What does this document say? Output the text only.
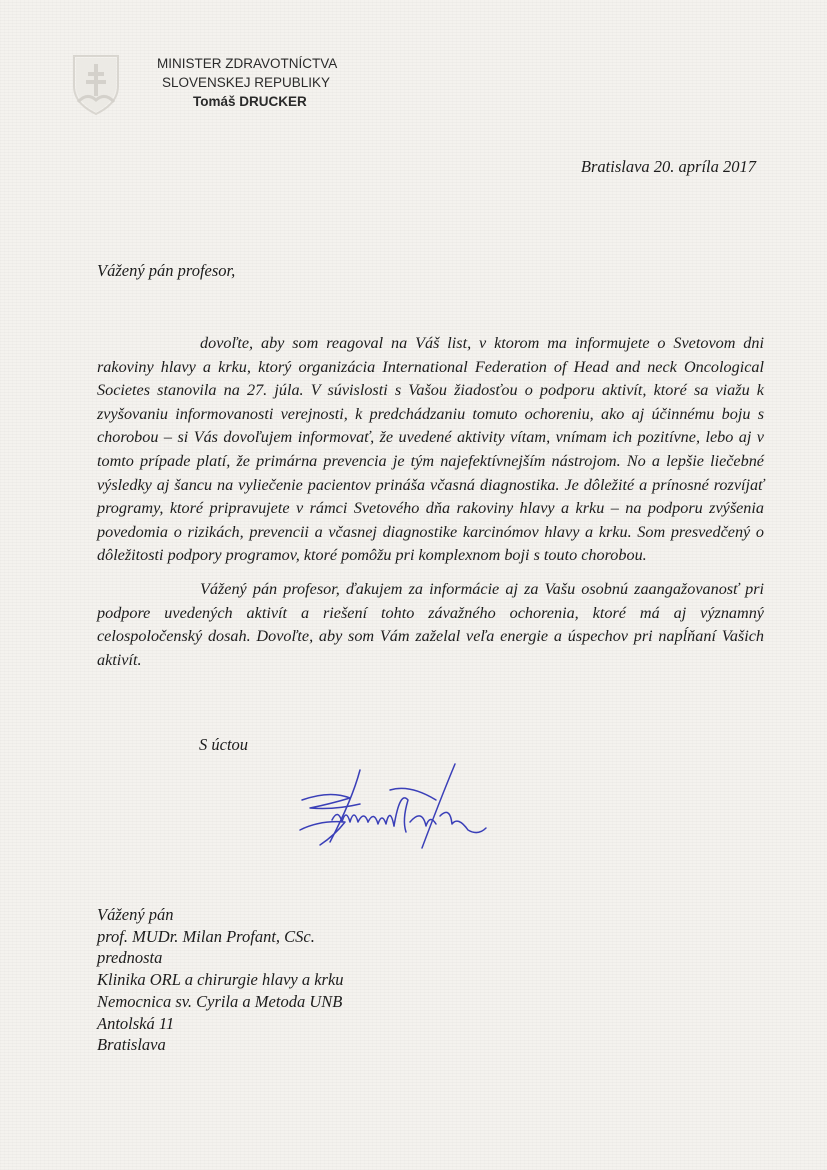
MINISTER ZDRAVOTNÍCTVA
SLOVENSKEJ REPUBLIKY
Tomáš DRUCKER
Bratislava 20. apríla 2017
Vážený pán profesor,

dovoľte, aby som reagoval na Váš list, v ktorom ma informujete o Svetovom dni rakoviny hlavy a krku, ktorý organizácia International Federation of Head and neck Oncological Societes stanovila na 27. júla. V súvislosti s Vašou žiadosťou o podporu aktivít, ktoré sa viažu k zvyšovaniu informovanosti verejnosti, k predchádzaniu tomuto ochoreniu, ako aj účinnému boju s chorobou – si Vás dovoľujem informovať, že uvedené aktivity vítam, vnímam ich pozitívne, lebo aj v tomto prípade platí, že primárna prevencia je tým najefektívnejším nástrojom. No a lepšie liečebné výsledky aj šancu na vyliečenie pacientov prináša včasná diagnostika. Je dôležité a prínosné rozvíjať programy, ktoré pripravujete v rámci Svetového dňa rakoviny hlavy a krku – na podporu zvýšenia povedomia o rizikách, prevencii a včasnej diagnostike karcinómov hlavy a krku. Som presvedčený o dôležitosti podpory programov, ktoré pomôžu pri komplexnom boji s touto chorobou.

Vážený pán profesor, ďakujem za informácie aj za Vašu osobnú zaangažovanosť pri podpore uvedených aktivít a riešení tohto závažného ochorenia, ktoré má aj významný celospoločenský dosah. Dovoľte, aby som Vám zaželal veľa energie a úspechov pri napĺňaní Vašich aktivít.

S úctou
Vážený pán
prof. MUDr. Milan Profant, CSc.
prednosta
Klinika ORL a chirurgie hlavy a krku
Nemocnica sv. Cyrila a Metoda UNB
Antolská 11
Bratislava
